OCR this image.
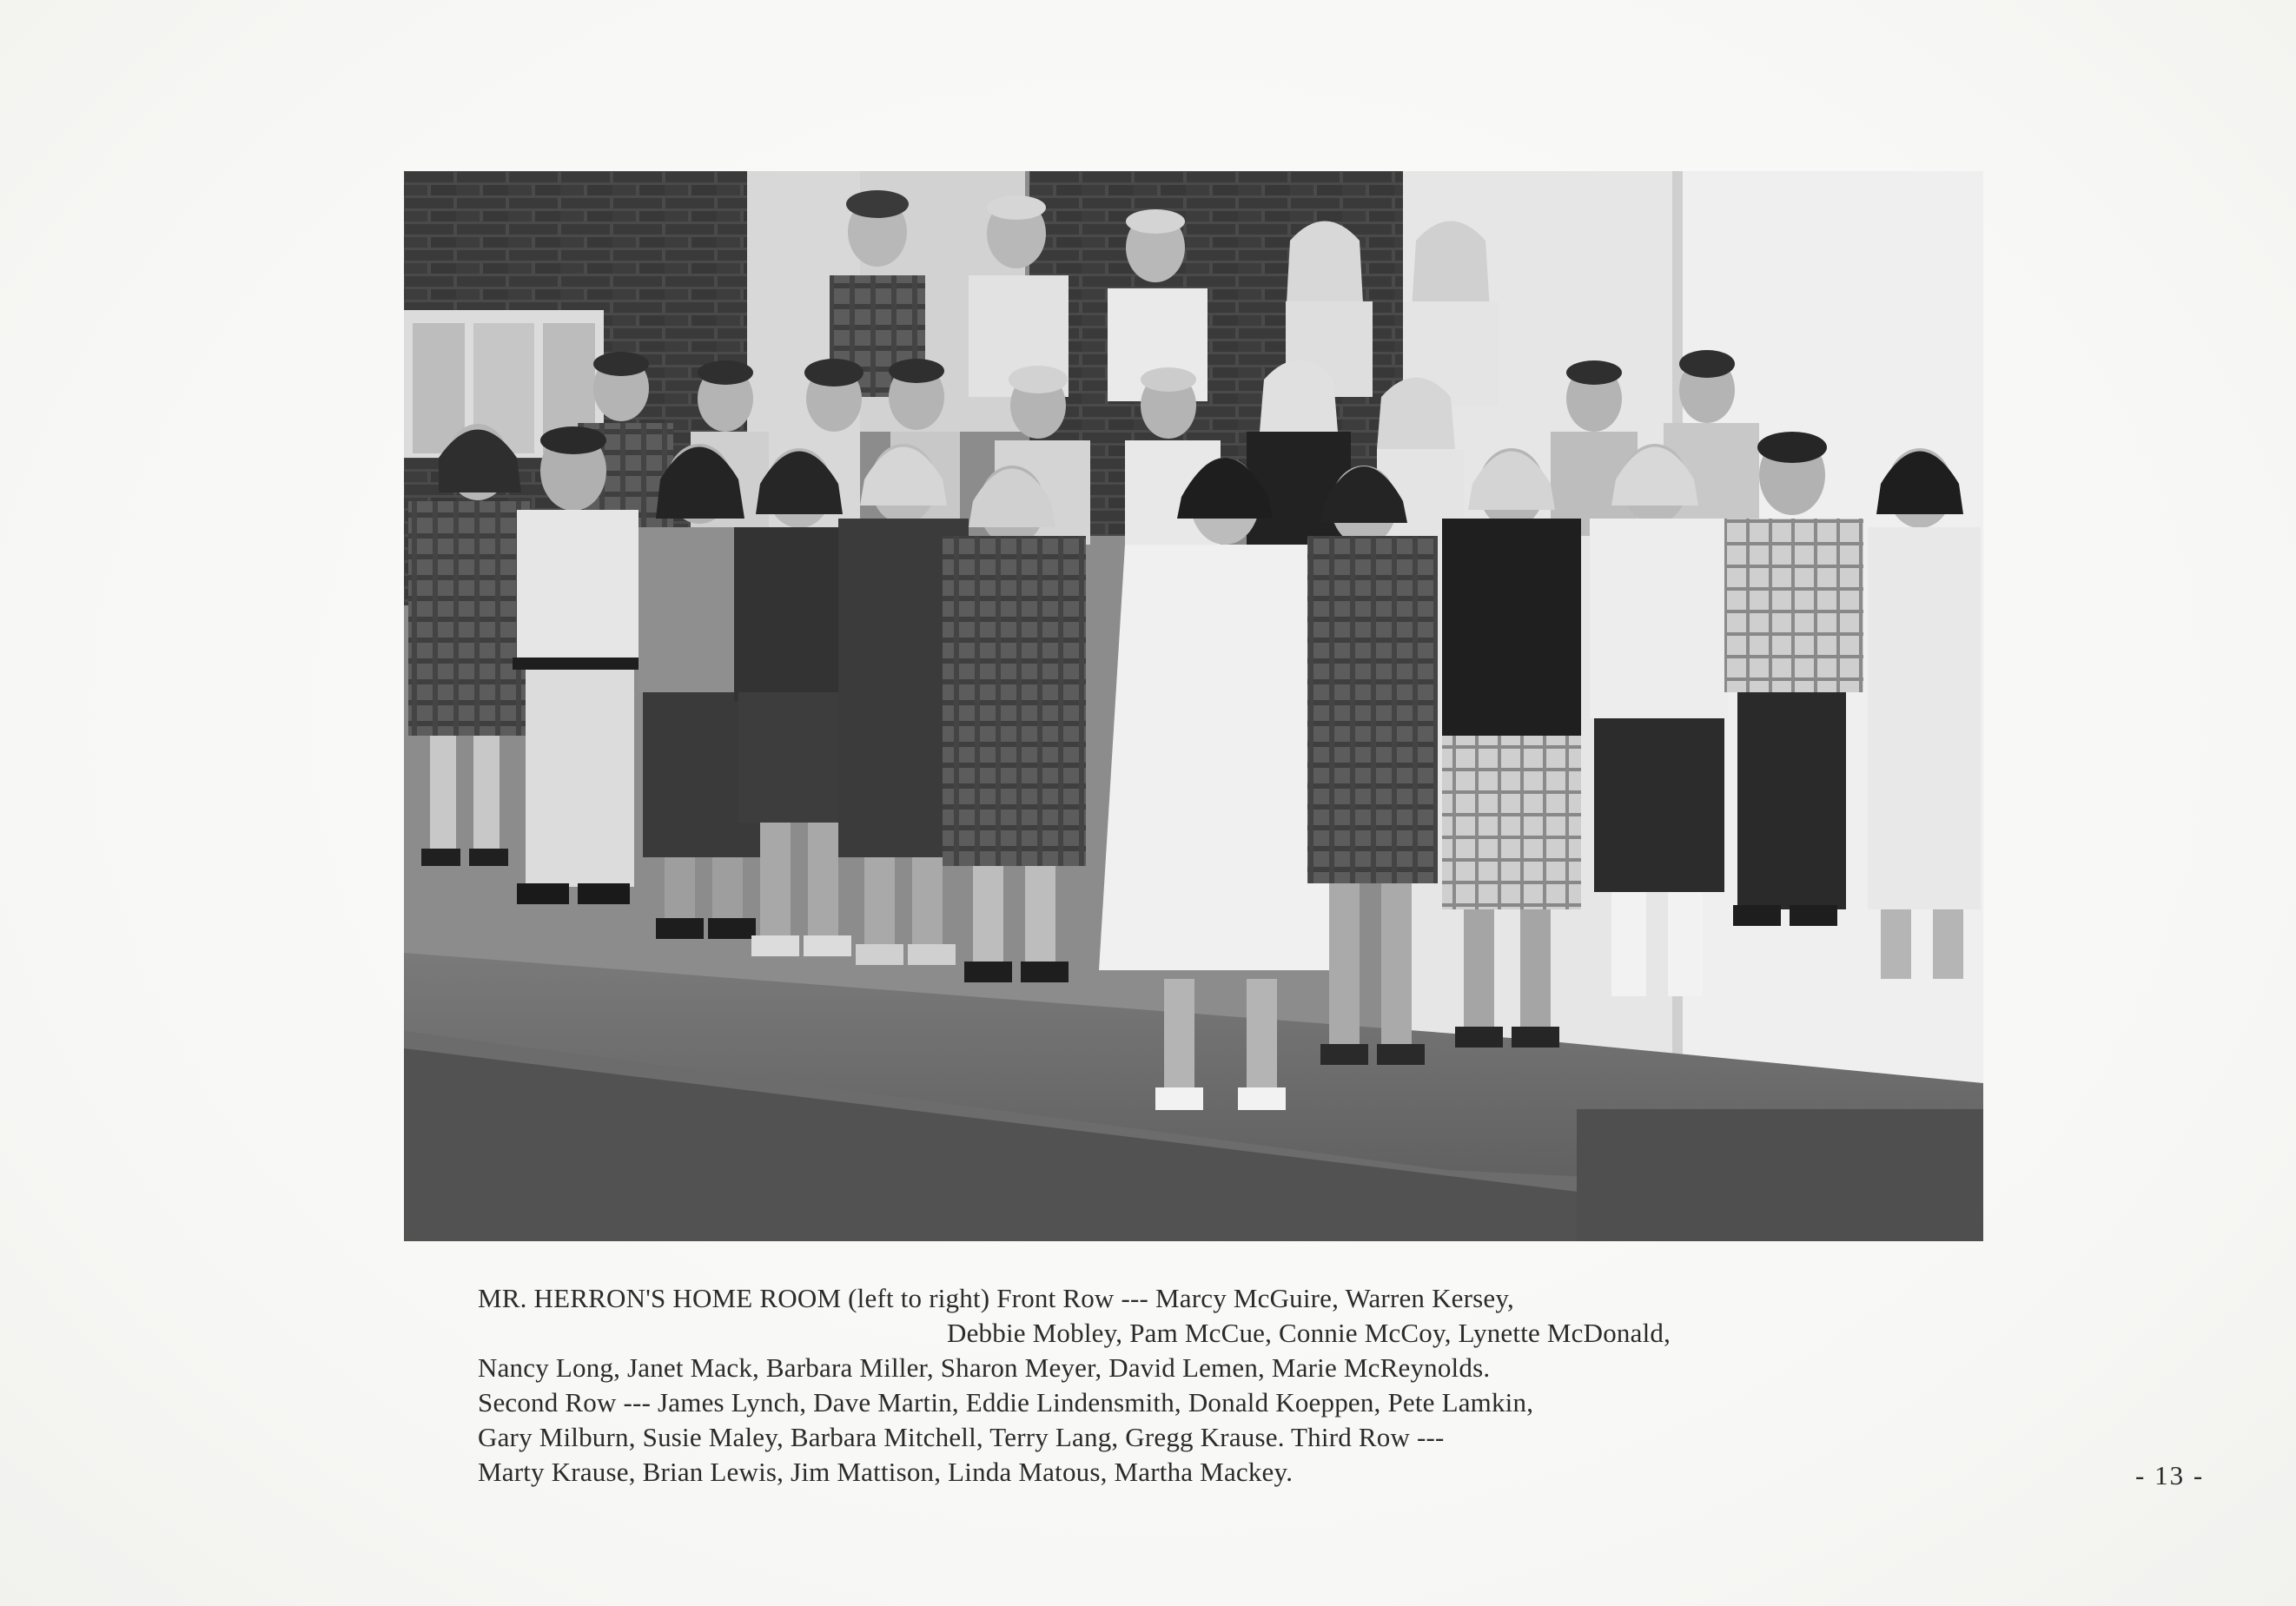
MR. HERRON'S HOME ROOM (left to right) Front Row --- Marcy McGuire, Warren Kersey,
Debbie Mobley, Pam McCue, Connie McCoy, Lynette McDonald,
Nancy Long, Janet Mack, Barbara Miller, Sharon Meyer, David Lemen, Marie McReynolds.
Second Row --- James Lynch, Dave Martin, Eddie Lindensmith, Donald Koeppen, Pete Lamkin,
Gary Milburn, Susie Maley, Barbara Mitchell, Terry Lang, Gregg Krause. Third Row ---
Marty Krause, Brian Lewis, Jim Mattison, Linda Matous, Martha Mackey.	- 13 -
